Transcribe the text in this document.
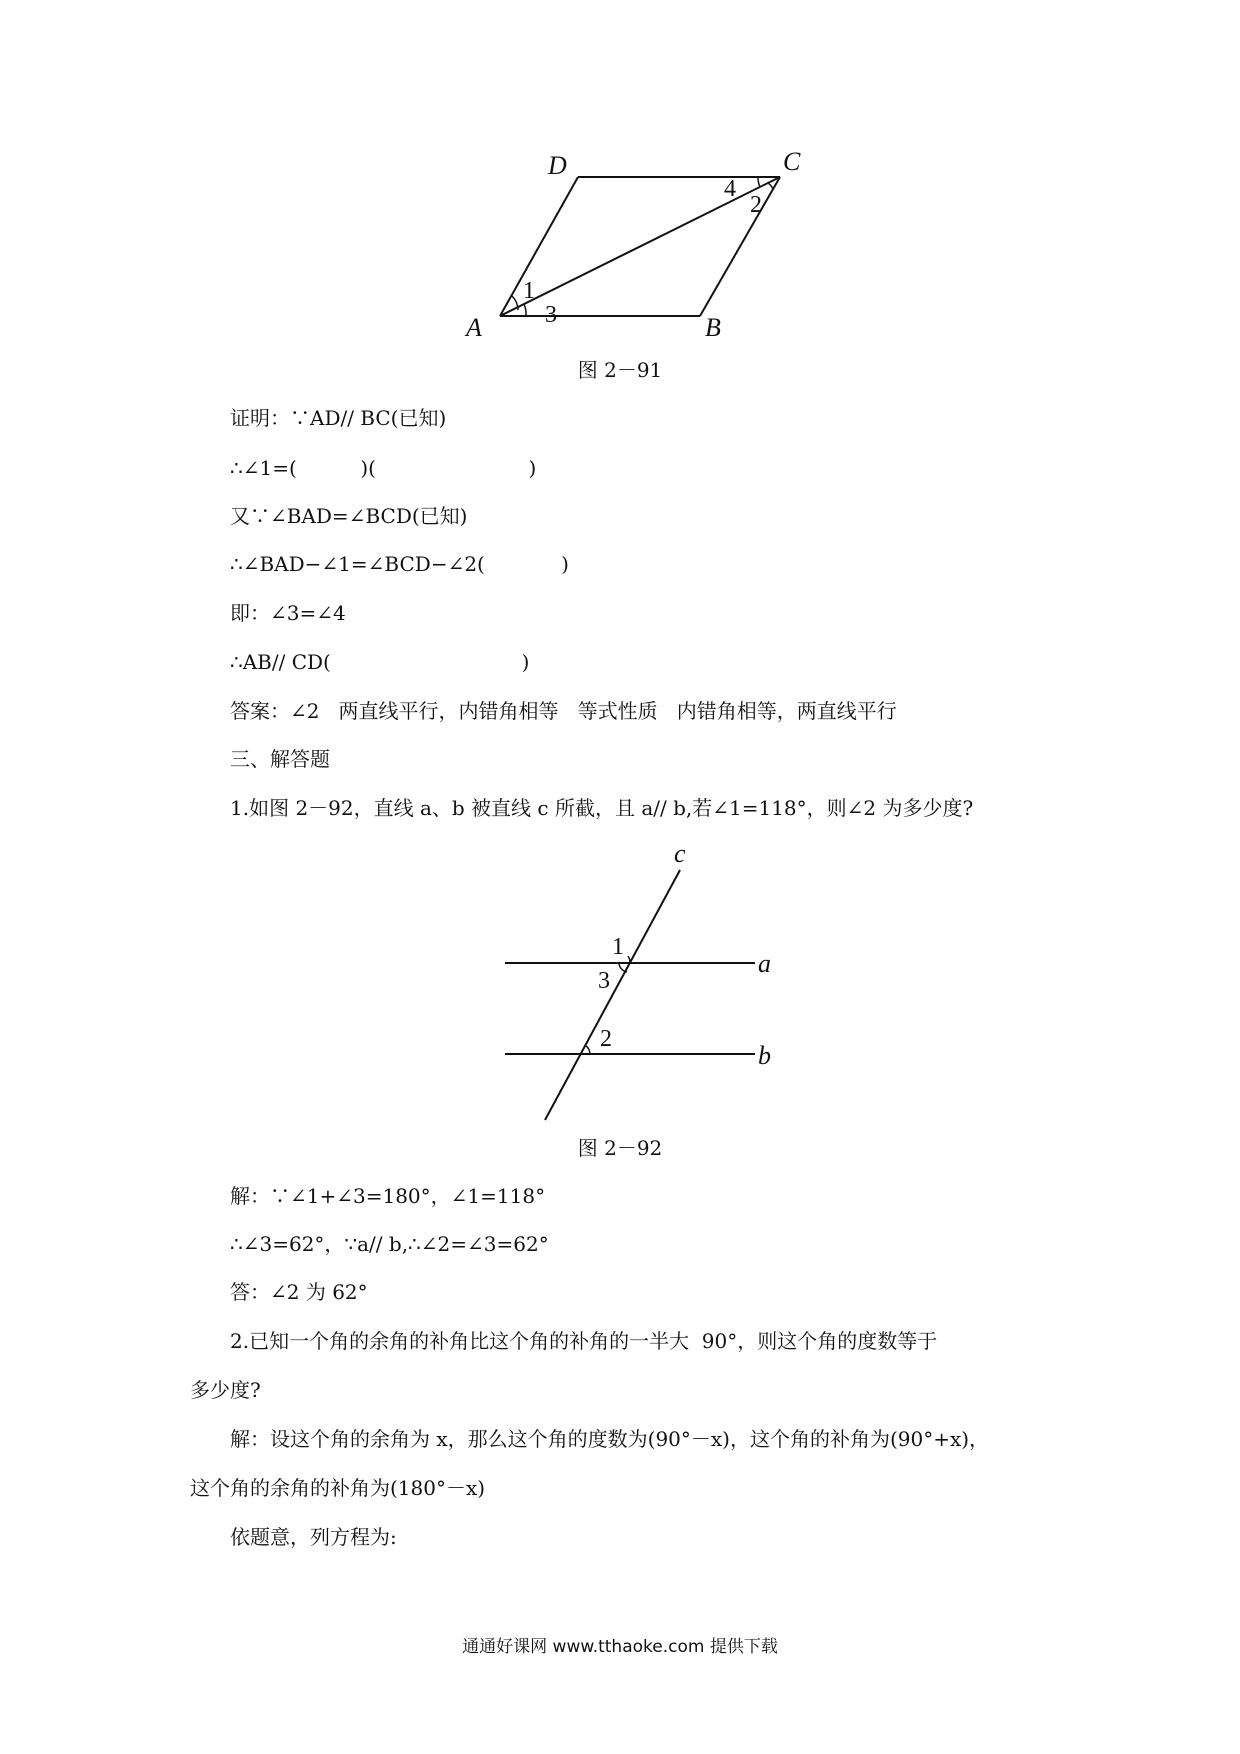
D	C
A	B
1
3
4
2
图 2－91
证明：∵AD// BC(已知)
∴∠1=(          )(                        )
又∵∠BAD=∠BCD(已知)
∴∠BAD−∠1=∠BCD−∠2(            )
即：∠3=∠4
∴AB// CD(                              )
答案：∠2   两直线平行，内错角相等   等式性质   内错角相等，两直线平行
三、解答题
1.如图 2－92，直线 a、b 被直线 c 所截，且 a// b,若∠1=118°，则∠2 为多少度?
c
a
b
1
3
2
图 2－92
解：∵∠1+∠3=180°，∠1=118°
∴∠3=62°，∵a// b,∴∠2=∠3=62°
答：∠2 为 62°
2.已知一个角的余角的补角比这个角的补角的一半大  90°，则这个角的度数等于
多少度?
解：设这个角的余角为 x，那么这个角的度数为(90°－x)，这个角的补角为(90°+x)，
这个角的余角的补角为(180°－x)
依题意，列方程为:
通通好课网 www.tthaoke.com 提供下载
